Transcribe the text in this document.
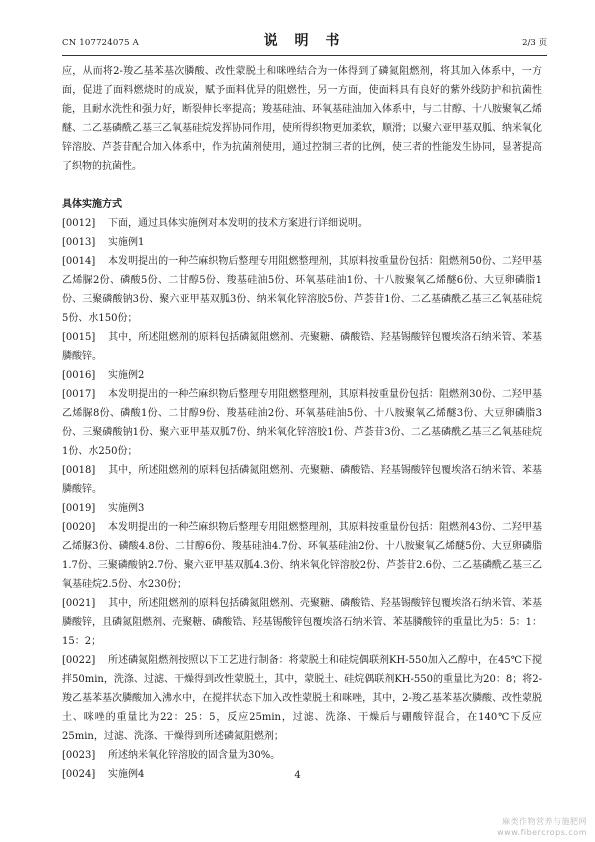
CN 107724075 A	说 明 书	2/3 页

应，从而将2-羧乙基苯基次膦酸、改性蒙脱土和咪唑结合为一体得到了磷氮阻燃剂，将其加入体系中，一方面，促进了面料燃烧时的成炭，赋予面料优异的阻燃性，另一方面，使面料具有良好的紫外线防护和抗菌性能，且耐水洗性和强力好，断裂伸长率提高；羧基硅油、环氧基硅油加入体系中，与二甘醇、十八胺聚氧乙烯醚、二乙基磷酰乙基三乙氧基硅烷发挥协同作用，使所得织物更加柔软，顺滑；以聚六亚甲基双胍、纳米氧化锌溶胶、芦荟苷配合加入体系中，作为抗菌剂使用，通过控制三者的比例，使三者的性能发生协同，显著提高了织物的抗菌性。

具体实施方式

[0012]	下面，通过具体实施例对本发明的技术方案进行详细说明。
[0013]	实施例1
[0014] 本发明提出的一种苎麻织物后整理专用阻燃整理剂，其原料按重量份包括：阻燃剂50份、二羟甲基乙烯脲2份、磷酸5份、二甘醇5份、羧基硅油5份、环氧基硅油1份、十八胺聚氧乙烯醚6份、大豆卵磷脂1份、三聚磷酸钠3份、聚六亚甲基双胍3份、纳米氧化锌溶胶5份、芦荟苷1份、二乙基磷酰乙基三乙氧基硅烷5份、水150份；
[0015] 其中，所述阻燃剂的原料包括磷氮阻燃剂、壳聚糖、磷酸锆、羟基锡酸锌包覆埃洛石纳米管、苯基膦酸锌。
[0016]	实施例2
[0017] 本发明提出的一种苎麻织物后整理专用阻燃整理剂，其原料按重量份包括：阻燃剂30份、二羟甲基乙烯脲8份、磷酸1份、二甘醇9份、羧基硅油2份、环氧基硅油5份、十八胺聚氧乙烯醚3份、大豆卵磷脂3份、三聚磷酸钠1份、聚六亚甲基双胍7份、纳米氧化锌溶胶1份、芦荟苷3份、二乙基磷酰乙基三乙氧基硅烷1份、水250份；
[0018] 其中，所述阻燃剂的原料包括磷氮阻燃剂、壳聚糖、磷酸锆、羟基锡酸锌包覆埃洛石纳米管、苯基膦酸锌。
[0019]	实施例3
[0020] 本发明提出的一种苎麻织物后整理专用阻燃整理剂，其原料按重量份包括：阻燃剂43份、二羟甲基乙烯脲3份、磷酸4.8份、二甘醇6份、羧基硅油4.7份、环氧基硅油2份、十八胺聚氧乙烯醚5份、大豆卵磷脂1.7份、三聚磷酸钠2.7份、聚六亚甲基双胍4.3份、纳米氧化锌溶胶2份、芦荟苷2.6份、二乙基磷酰乙基三乙氧基硅烷2.5份、水230份；
[0021] 其中，所述阻燃剂的原料包括磷氮阻燃剂、壳聚糖、磷酸锆、羟基锡酸锌包覆埃洛石纳米管、苯基膦酸锌，且磷氮阻燃剂、壳聚糖、磷酸锆、羟基锡酸锌包覆埃洛石纳米管、苯基膦酸锌的重量比为5：5：1：15：2；
[0022] 所述磷氮阻燃剂按照以下工艺进行制备：将蒙脱土和硅烷偶联剂KH-550加入乙醇中，在45℃下搅拌50min，洗涤、过滤、干燥得到改性蒙脱土，其中，蒙脱土、硅烷偶联剂KH-550的重量比为20：8；将2-羧乙基苯基次膦酸加入沸水中，在搅拌状态下加入改性蒙脱土和咪唑，其中，2-羧乙基苯基次膦酸、改性蒙脱土、咪唑的重量比为22：25：5，反应25min，过滤、洗涤、干燥后与硼酸锌混合，在140℃下反应25min，过滤、洗涤、干燥得到所述磷氮阻燃剂；
[0023]	所述纳米氧化锌溶胶的固含量为30%。
[0024]	实施例4	4
麻类作物营养与施肥网
www.fibercrops.com
